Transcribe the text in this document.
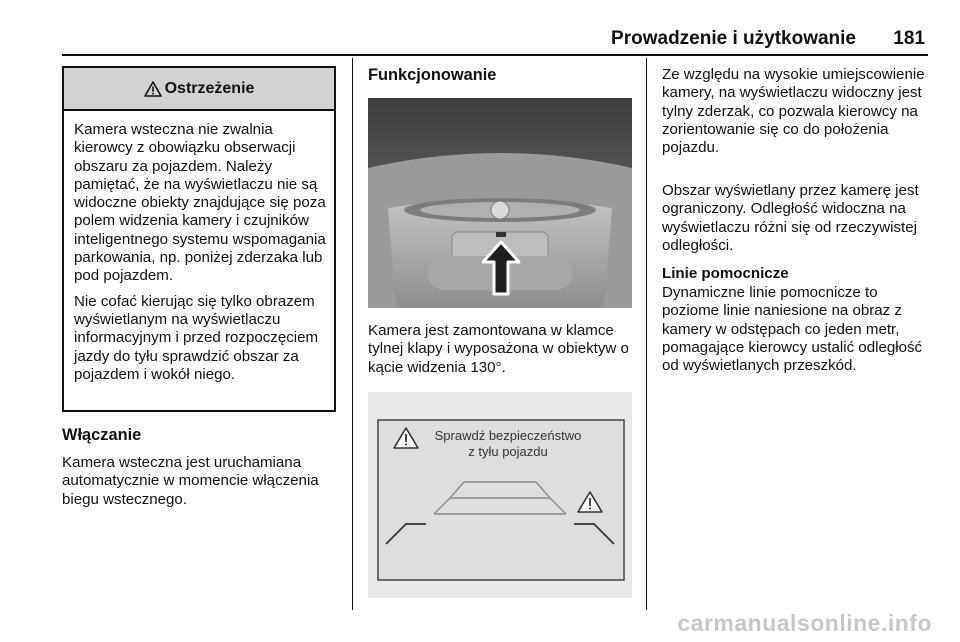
Prowadzenie i użytkowanie	181
Ostrzeżenie

Kamera wsteczna nie zwalnia kierowcy z obowiązku obserwacji obszaru za pojazdem. Należy pamiętać, że na wyświetlaczu nie są widoczne obiekty znajdujące się poza polem widzenia kamery i czujników inteligentnego systemu wspomagania parkowania, np. poniżej zderzaka lub pod pojazdem.

Nie cofać kierując się tylko obrazem wyświetlanym na wyświetlaczu informacyjnym i przed rozpoczęciem jazdy do tyłu sprawdzić obszar za pojazdem i wokół niego.

Włączanie

Kamera wsteczna jest uruchamiana automatycznie w momencie włączenia biegu wstecznego.

Funkcjonowanie

Kamera jest zamontowana w klamce tylnej klapy i wyposażona w obiektyw o kącie widzenia 130°.

Sprawdź bezpieczeństwo
z tyłu pojazdu

Ze względu na wysokie umiejscowienie kamery, na wyświetlaczu widoczny jest tylny zderzak, co pozwala kierowcy na zorientowanie się co do położenia pojazdu.

Obszar wyświetlany przez kamerę jest ograniczony. Odległość widoczna na wyświetlaczu różni się od rzeczywistej odległości.

Linie pomocnicze

Dynamiczne linie pomocnicze to poziome linie naniesione na obraz z kamery w odstępach co jeden metr, pomagające kierowcy ustalić odległość od wyświetlanych przeszkód.

carmanualsonline.info
